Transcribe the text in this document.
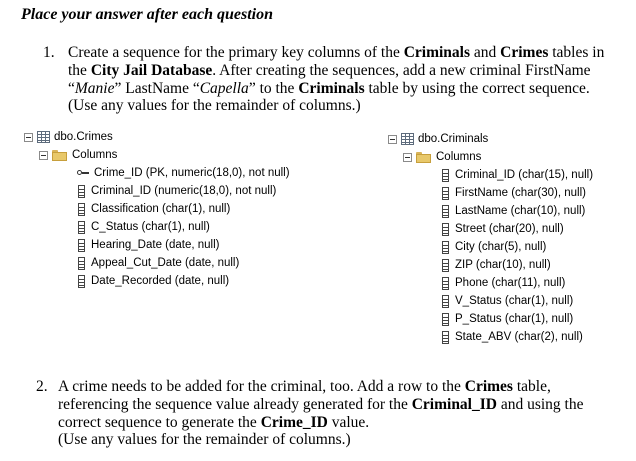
Place your answer after each question
1. Create a sequence for the primary key columns of the Criminals and Crimes tables in
the City Jail Database. After creating the sequences, add a new criminal FirstName
“Manie” LastName “Capella” to the Criminals table by using the correct sequence.
(Use any values for the remainder of columns.)
dbo.Crimes
Columns
Crime_ID (PK, numeric(18,0), not null)
Criminal_ID (numeric(18,0), not null)
Classification (char(1), null)
C_Status (char(1), null)
Hearing_Date (date, null)
Appeal_Cut_Date (date, null)
Date_Recorded (date, null)
dbo.Criminals
Columns
Criminal_ID (char(15), null)
FirstName (char(30), null)
LastName (char(10), null)
Street (char(20), null)
City (char(5), null)
ZIP (char(10), null)
Phone (char(11), null)
V_Status (char(1), null)
P_Status (char(1), null)
State_ABV (char(2), null)
2. A crime needs to be added for the criminal, too. Add a row to the Crimes table,
referencing the sequence value already generated for the Criminal_ID and using the
correct sequence to generate the Crime_ID value.
(Use any values for the remainder of columns.)
